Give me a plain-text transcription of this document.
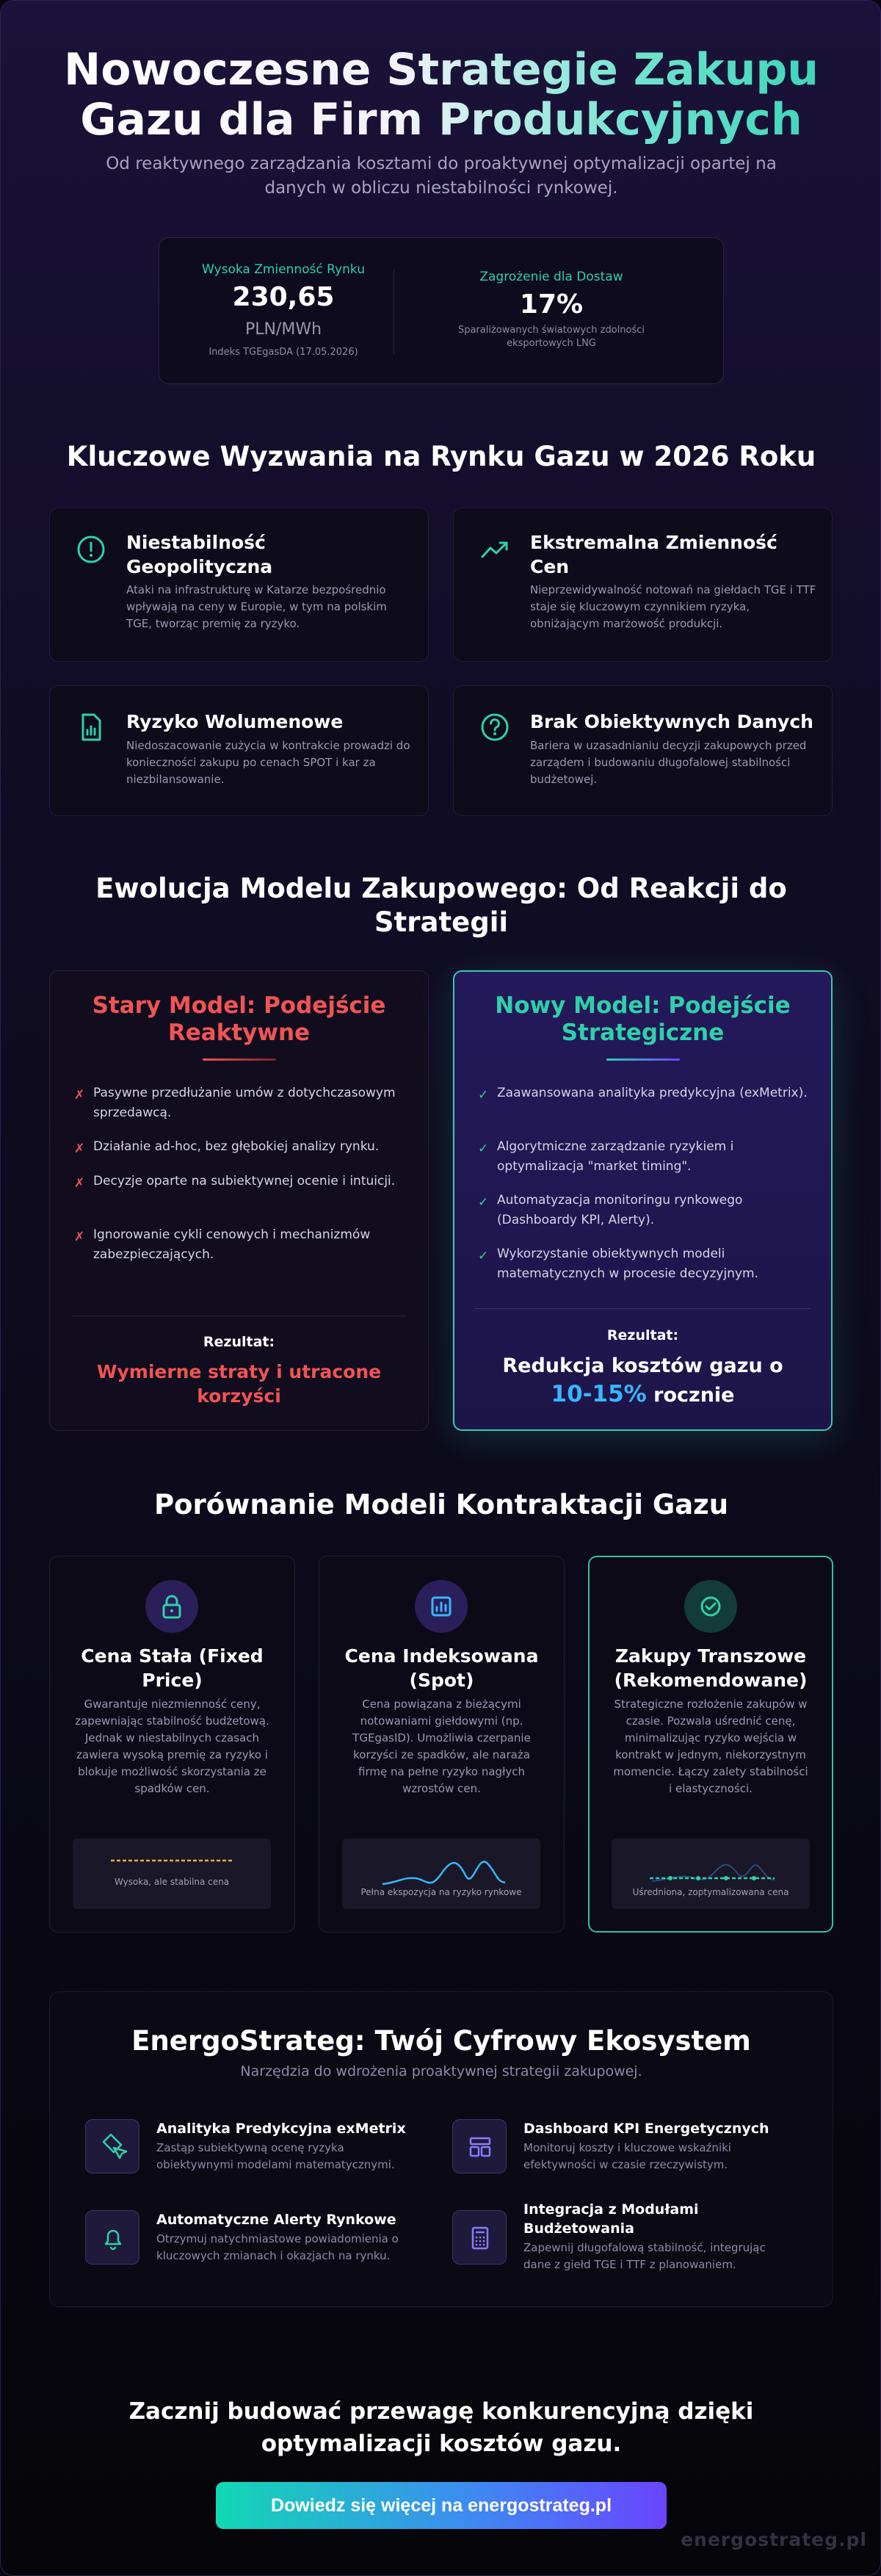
Nowoczesne Strategie Zakupu
Gazu dla Firm Produkcyjnych
Od reaktywnego zarządzania kosztami do proaktywnej optymalizacji opartej na danych w obliczu niestabilności rynkowej.
Wysoka Zmienność Rynku
230,65
PLN/MWh
Indeks TGEgasDA (17.05.2026)
Zagrożenie dla Dostaw
17%
Sparaliżowanych światowych zdolności eksportowych LNG
Kluczowe Wyzwania na Rynku Gazu w 2026 Roku
Niestabilność Geopolityczna
Ataki na infrastrukturę w Katarze bezpośrednio wpływają na ceny w Europie, w tym na polskim TGE, tworząc premię za ryzyko.
Ekstremalna Zmienność Cen
Nieprzewidywalność notowań na giełdach TGE i TTF staje się kluczowym czynnikiem ryzyka, obniżającym marżowość produkcji.
Ryzyko Wolumenowe
Niedoszacowanie zużycia w kontrakcie prowadzi do konieczności zakupu po cenach SPOT i kar za niezbilansowanie.
Brak Obiektywnych Danych
Bariera w uzasadnianiu decyzji zakupowych przed zarządem i budowaniu długofalowej stabilności budżetowej.
Ewolucja Modelu Zakupowego: Od Reakcji do Strategii
Stary Model: Podejście Reaktywne
✗ Pasywne przedłużanie umów z dotychczasowym sprzedawcą.
✗ Działanie ad-hoc, bez głębokiej analizy rynku.
✗ Decyzje oparte na subiektywnej ocenie i intuicji.
✗ Ignorowanie cykli cenowych i mechanizmów zabezpieczających.
Rezultat:
Wymierne straty i utracone korzyści
Nowy Model: Podejście Strategiczne
✓ Zaawansowana analityka predykcyjna (exMetrix).
✓ Algorytmiczne zarządzanie ryzykiem i optymalizacja "market timing".
✓ Automatyzacja monitoringu rynkowego (Dashboardy KPI, Alerty).
✓ Wykorzystanie obiektywnych modeli matematycznych w procesie decyzyjnym.
Rezultat:
Redukcja kosztów gazu o 10-15% rocznie
Porównanie Modeli Kontraktacji Gazu
Cena Stała (Fixed Price)
Gwarantuje niezmienność ceny, zapewniając stabilność budżetową. Jednak w niestabilnych czasach zawiera wysoką premię za ryzyko i blokuje możliwość skorzystania ze spadków cen.
Wysoka, ale stabilna cena
Cena Indeksowana (Spot)
Cena powiązana z bieżącymi notowaniami giełdowymi (np. TGEgasID). Umożliwia czerpanie korzyści ze spadków, ale naraża firmę na pełne ryzyko nagłych wzrostów cen.
Pełna ekspozycja na ryzyko rynkowe
Zakupy Transzowe (Rekomendowane)
Strategiczne rozłożenie zakupów w czasie. Pozwala uśrednić cenę, minimalizując ryzyko wejścia w kontrakt w jednym, niekorzystnym momencie. Łączy zalety stabilności i elastyczności.
Uśredniona, zoptymalizowana cena
EnergoStrateg: Twój Cyfrowy Ekosystem
Narzędzia do wdrożenia proaktywnej strategii zakupowej.
Analityka Predykcyjna exMetrix
Zastąp subiektywną ocenę ryzyka obiektywnymi modelami matematycznymi.
Dashboard KPI Energetycznych
Monitoruj koszty i kluczowe wskaźniki efektywności w czasie rzeczywistym.
Automatyczne Alerty Rynkowe
Otrzymuj natychmiastowe powiadomienia o kluczowych zmianach i okazjach na rynku.
Integracja z Modułami Budżetowania
Zapewnij długofalową stabilność, integrując dane z giełd TGE i TTF z planowaniem.
Zacznij budować przewagę konkurencyjną dzięki optymalizacji kosztów gazu.
Dowiedz się więcej na energostrateg.pl
energostrateg.pl
